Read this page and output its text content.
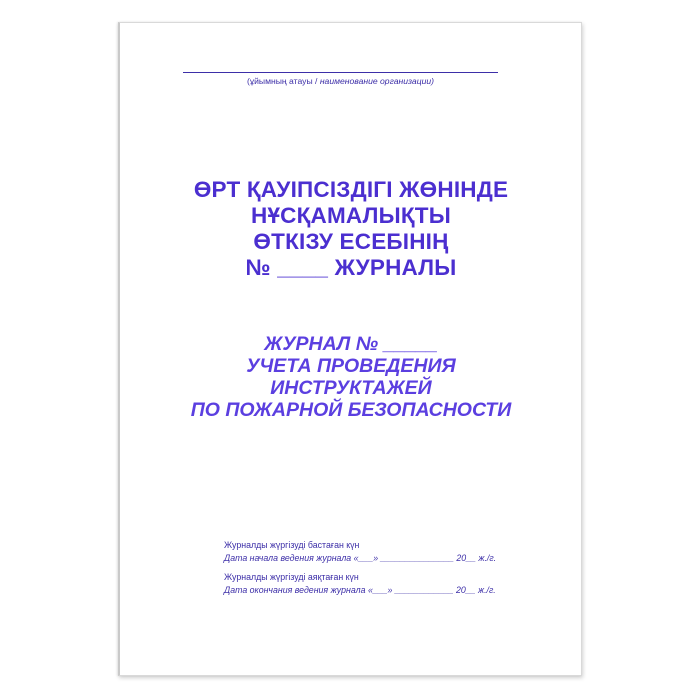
(ұйымның атауы / наименование организации)
ӨРТ ҚАУІПСІЗДІГІ ЖӨНІНДЕ
НҰСҚАМАЛЫҚТЫ
ӨТКІЗУ ЕСЕБІНІҢ
№ ____ ЖУРНАЛЫ
ЖУРНАЛ № _____
УЧЕТА ПРОВЕДЕНИЯ
ИНСТРУКТАЖЕЙ
ПО ПОЖАРНОЙ БЕЗОПАСНОСТИ
Журналды жүргізуді бастаған күн
Дата начала ведения журнала «___» _______________ 20__ ж./г.
Журналды жүргізуді аяқтаған күн
Дата окончания ведения журнала «___» ____________ 20__ ж./г.
